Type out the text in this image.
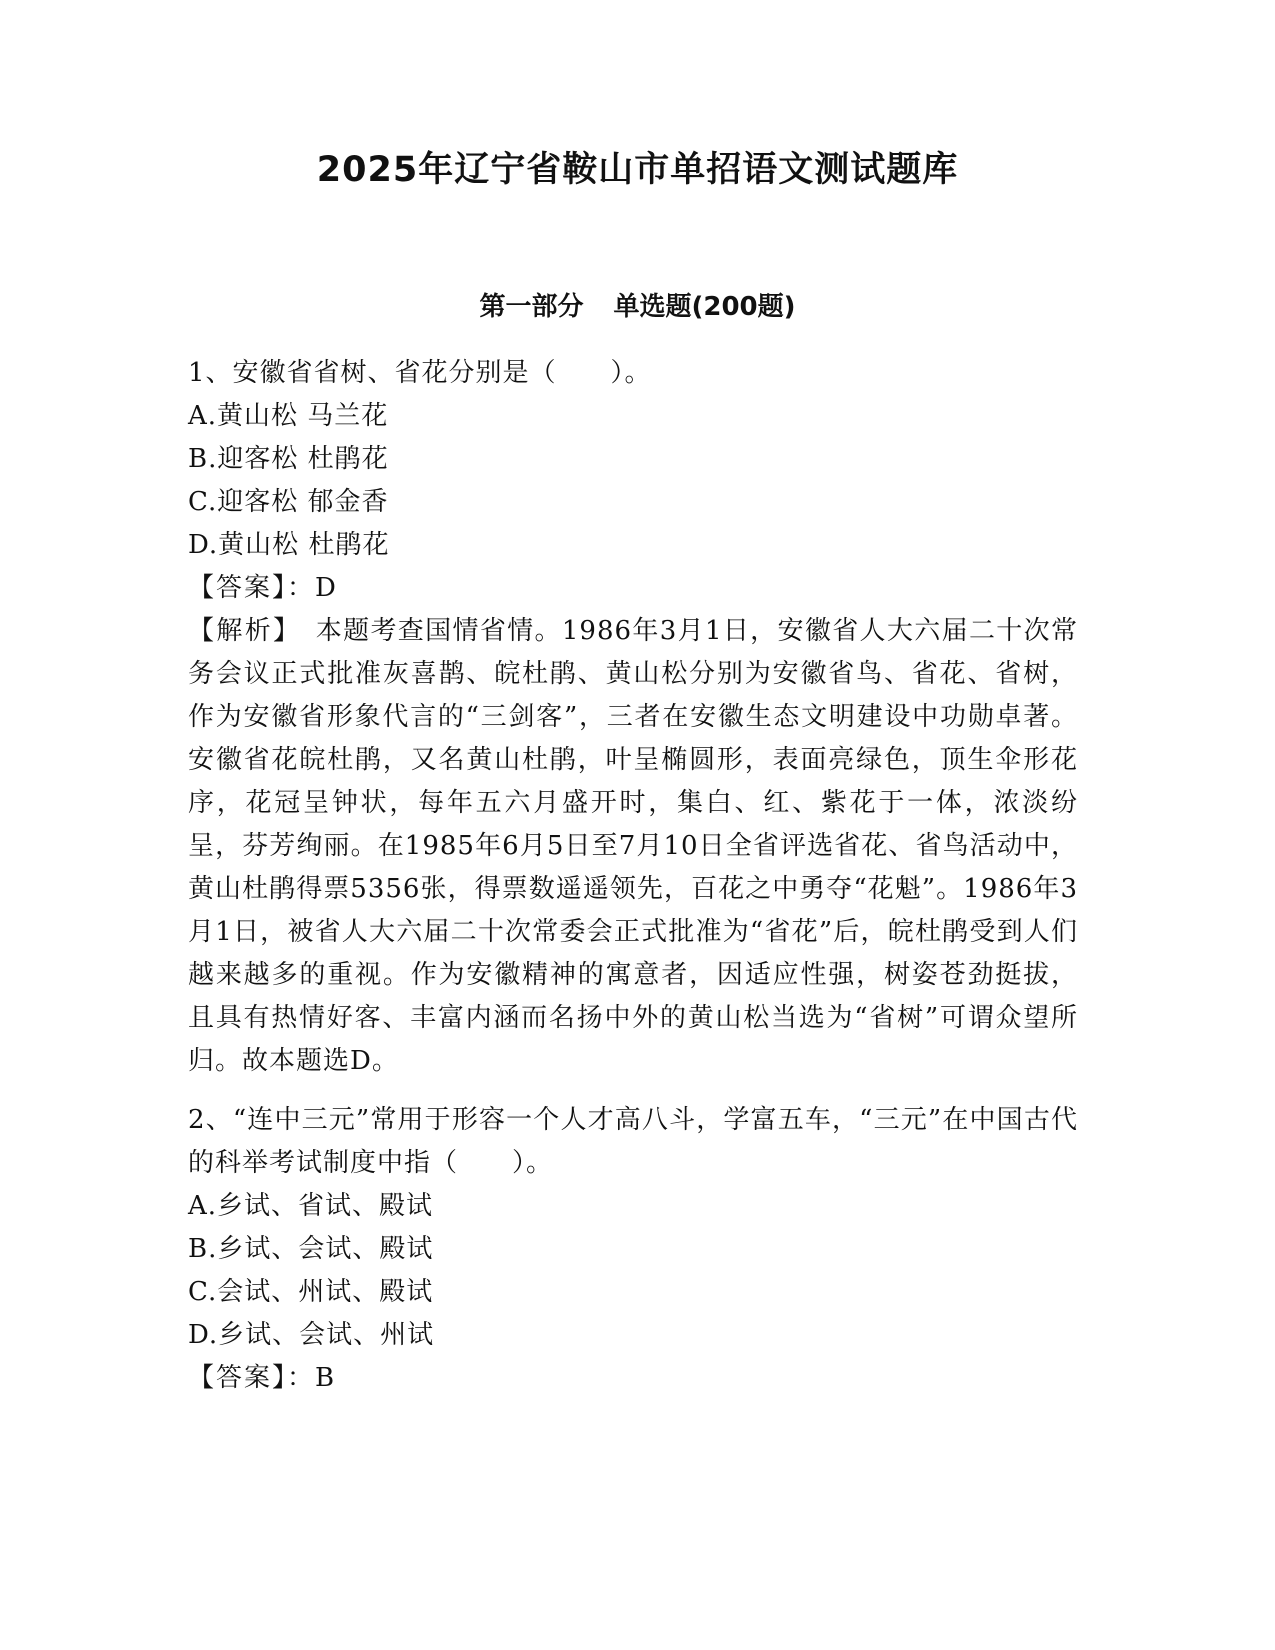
2025年辽宁省鞍山市单招语文测试题库
第一部分 单选题(200题)

1、安徽省省树、省花分别是（　　）。

A.黄山松 马兰花
B.迎客松 杜鹃花
C.迎客松 郁金香
D.黄山松 杜鹃花
【答案】：D

【解析】　 本题考查国情省情。1986年3月1日，安徽省人大六届二十次常务会议正式批准灰喜鹊、皖杜鹃、黄山松分别为安徽省鸟、省花、省树，作为安徽省形象代言的“三剑客”，三者在安徽生态文明建设中功勋卓著。安徽省花皖杜鹃，又名黄山杜鹃，叶呈椭圆形，表面亮绿色，顶生伞形花序，花冠呈钟状，每年五六月盛开时，集白、红、紫花于一体，浓淡纷呈，芬芳绚丽。在1985年6月5日至7月10日全省评选省花、省鸟活动中，黄山杜鹃得票5356张，得票数遥遥领先，百花之中勇夺“花魁”。1986年3月1日，被省人大六届二十次常委会正式批准为“省花”后，皖杜鹃受到人们越来越多的重视。作为安徽精神的寓意者，因适应性强，树姿苍劲挺拔，且具有热情好客、丰富内涵而名扬中外的黄山松当选为“省树”可谓众望所归。故本题选D。

2、“连中三元”常用于形容一个人才高八斗，学富五车，“三元”在中国古代的科举考试制度中指（　　）。

A.乡试、省试、殿试
B.乡试、会试、殿试
C.会试、州试、殿试
D.乡试、会试、州试
【答案】：B
